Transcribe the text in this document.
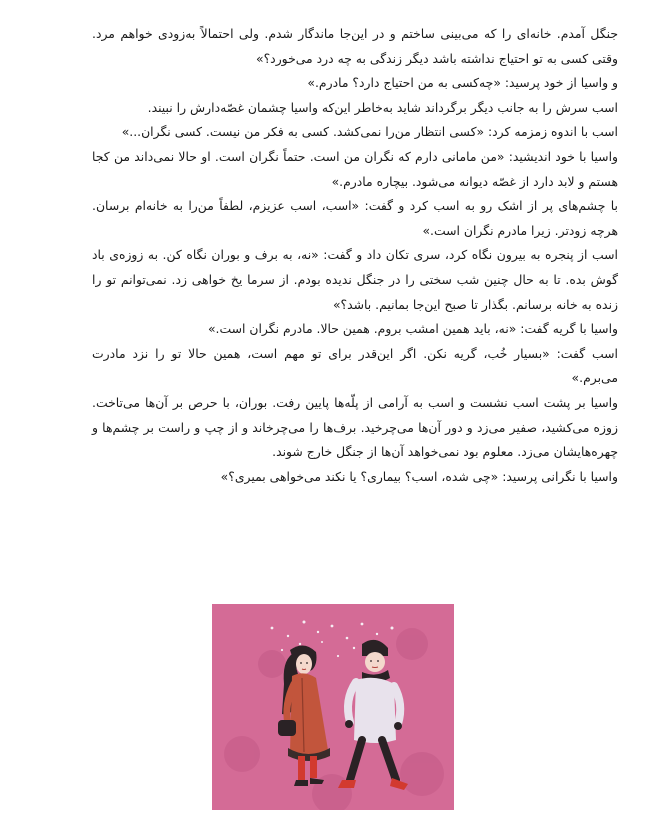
جنگل آمدم. خانه‌ای را که می‌بینی ساختم و در این‌جا ماندگار شدم. ولی احتمالاً به‌زودی خواهم مرد. وقتی کسی به تو احتیاج نداشته باشد دیگر زندگی به چه درد می‌خورد؟»

و واسیا از خود پرسید: «چه‌کسی به من احتیاج دارد؟ مادرم.»

اسب سرش را به جانب دیگر برگرداند شاید به‌خاطر این‌که واسیا چشمان غصّه‌دارش را نبیند.

اسب با اندوه زمزمه کرد: «کسی انتظار من‌را نمی‌کشد. کسی به فکر من نیست. کسی نگران...»

واسیا با خود اندیشید: «من مامانی دارم که نگران من است. حتماً نگران است. او حالا نمی‌داند من کجا هستم و لابد دارد از غصّه دیوانه می‌شود. بیچاره مادرم.»

با چشم‌های پر از اشک رو به اسب کرد و گفت: «اسب، اسب عزیزم، لطفاً من‌را به خانه‌ام برسان. هرچه زودتر. زیرا مادرم نگران است.»

اسب از پنجره به بیرون نگاه کرد، سری تکان داد و گفت: «نه، به برف و بوران نگاه کن. به زوزه‌ی باد گوش بده. تا به حال چنین شب سختی را در جنگل ندیده بودم. از سرما یخ خواهی زد. نمی‌توانم تو را زنده به خانه برسانم. بگذار تا صبح این‌جا بمانیم. باشد؟»

واسیا با گریه گفت: «نه، باید همین امشب بروم. همین حالا. مادرم نگران است.»

اسب گفت: «بسیار خُب، گریه نکن. اگر این‌قدر برای تو مهم است، همین حالا تو را نزد مادرت می‌برم.»

واسیا بر پشت اسب نشست و اسب به آرامی از پلّه‌ها پایین رفت. بوران، با حرص بر آن‌ها می‌تاخت. زوزه می‌کشید، صفیر می‌زد و دور آن‌ها می‌چرخید. برف‌ها را می‌چرخاند و از چپ و راست بر چشم‌ها و چهره‌هایشان می‌زد. معلوم بود نمی‌خواهد آن‌ها از جنگل خارج شوند.

واسیا با نگرانی پرسید: «چی شده، اسب؟ بیماری؟ یا نکند می‌خواهی بمیری؟»
